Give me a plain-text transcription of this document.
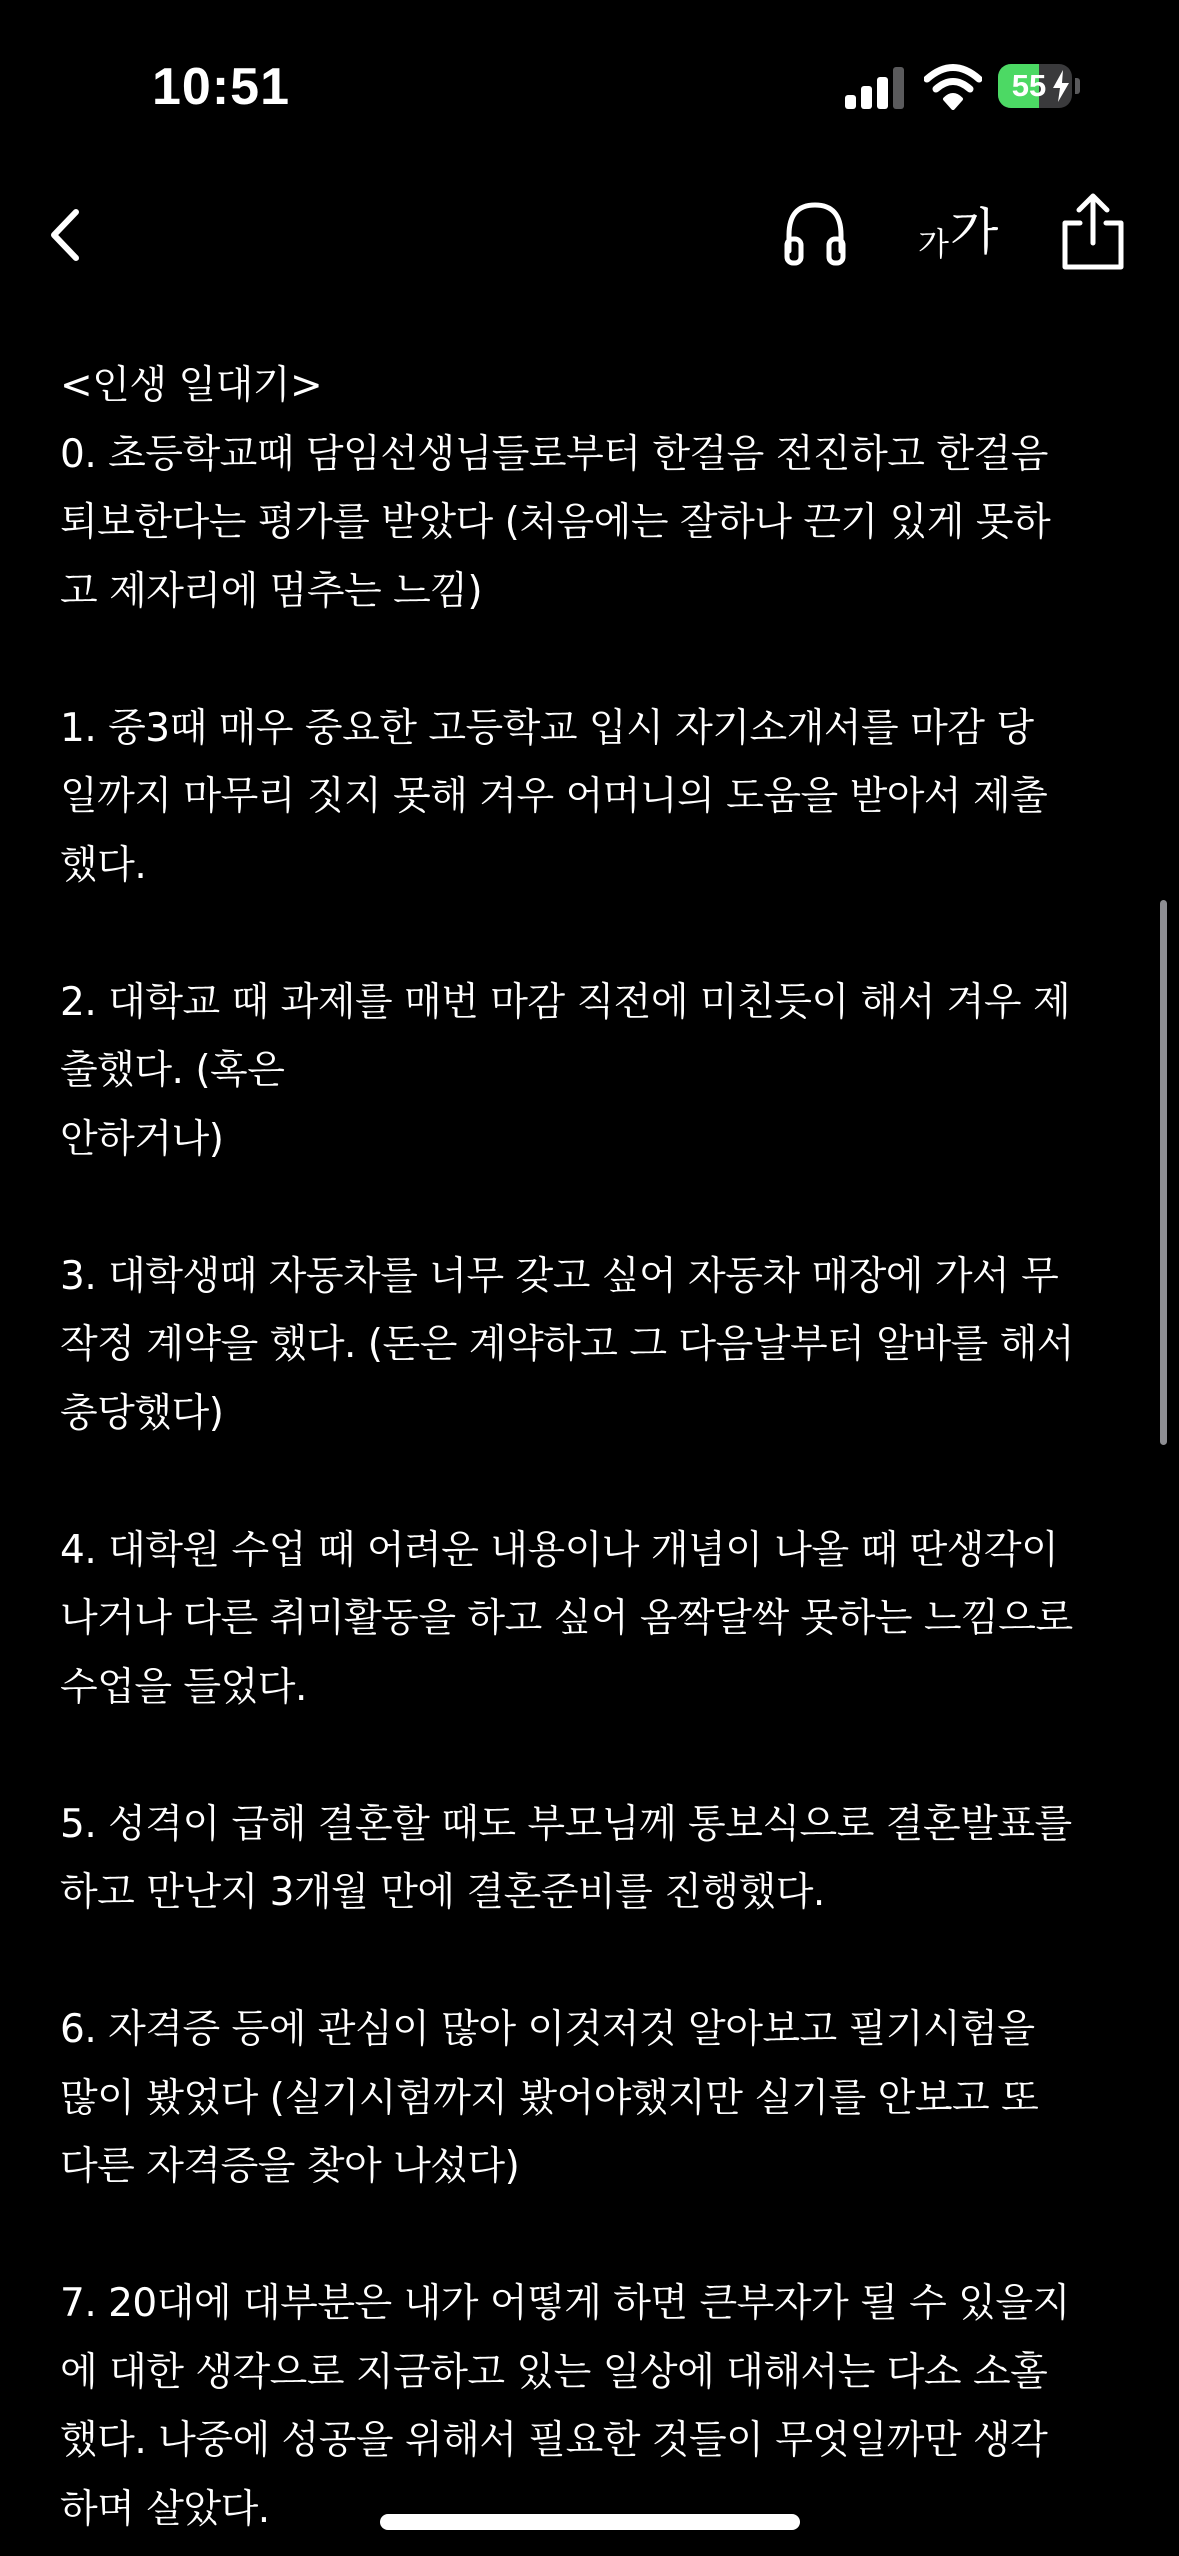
10:51	55
가 가

<인생 일대기>

0. 초등학교때 담임선생님들로부터 한걸음 전진하고 한걸음

퇴보한다는 평가를 받았다 (처음에는 잘하나 끈기 있게 못하

고 제자리에 멈추는 느낌)

1. 중3때 매우 중요한 고등학교 입시 자기소개서를 마감 당

일까지 마무리 짓지 못해 겨우 어머니의 도움을 받아서 제출

했다.

2. 대학교 때 과제를 매번 마감 직전에 미친듯이 해서 겨우 제

출했다. (혹은

안하거나)

3. 대학생때 자동차를 너무 갖고 싶어 자동차 매장에 가서 무

작정 계약을 했다. (돈은 계약하고 그 다음날부터 알바를 해서

충당했다)

4. 대학원 수업 때 어려운 내용이나 개념이 나올 때 딴생각이

나거나 다른 취미활동을 하고 싶어 옴짝달싹 못하는 느낌으로

수업을 들었다.

5. 성격이 급해 결혼할 때도 부모님께 통보식으로 결혼발표를

하고 만난지 3개월 만에 결혼준비를 진행했다.

6. 자격증 등에 관심이 많아 이것저것 알아보고 필기시험을

많이 봤었다 (실기시험까지 봤어야했지만 실기를 안보고 또

다른 자격증을 찾아 나섰다)

7. 20대에 대부분은 내가 어떻게 하면 큰부자가 될 수 있을지

에 대한 생각으로 지금하고 있는 일상에 대해서는 다소 소홀

했다. 나중에 성공을 위해서 필요한 것들이 무엇일까만 생각

하며 살았다.
